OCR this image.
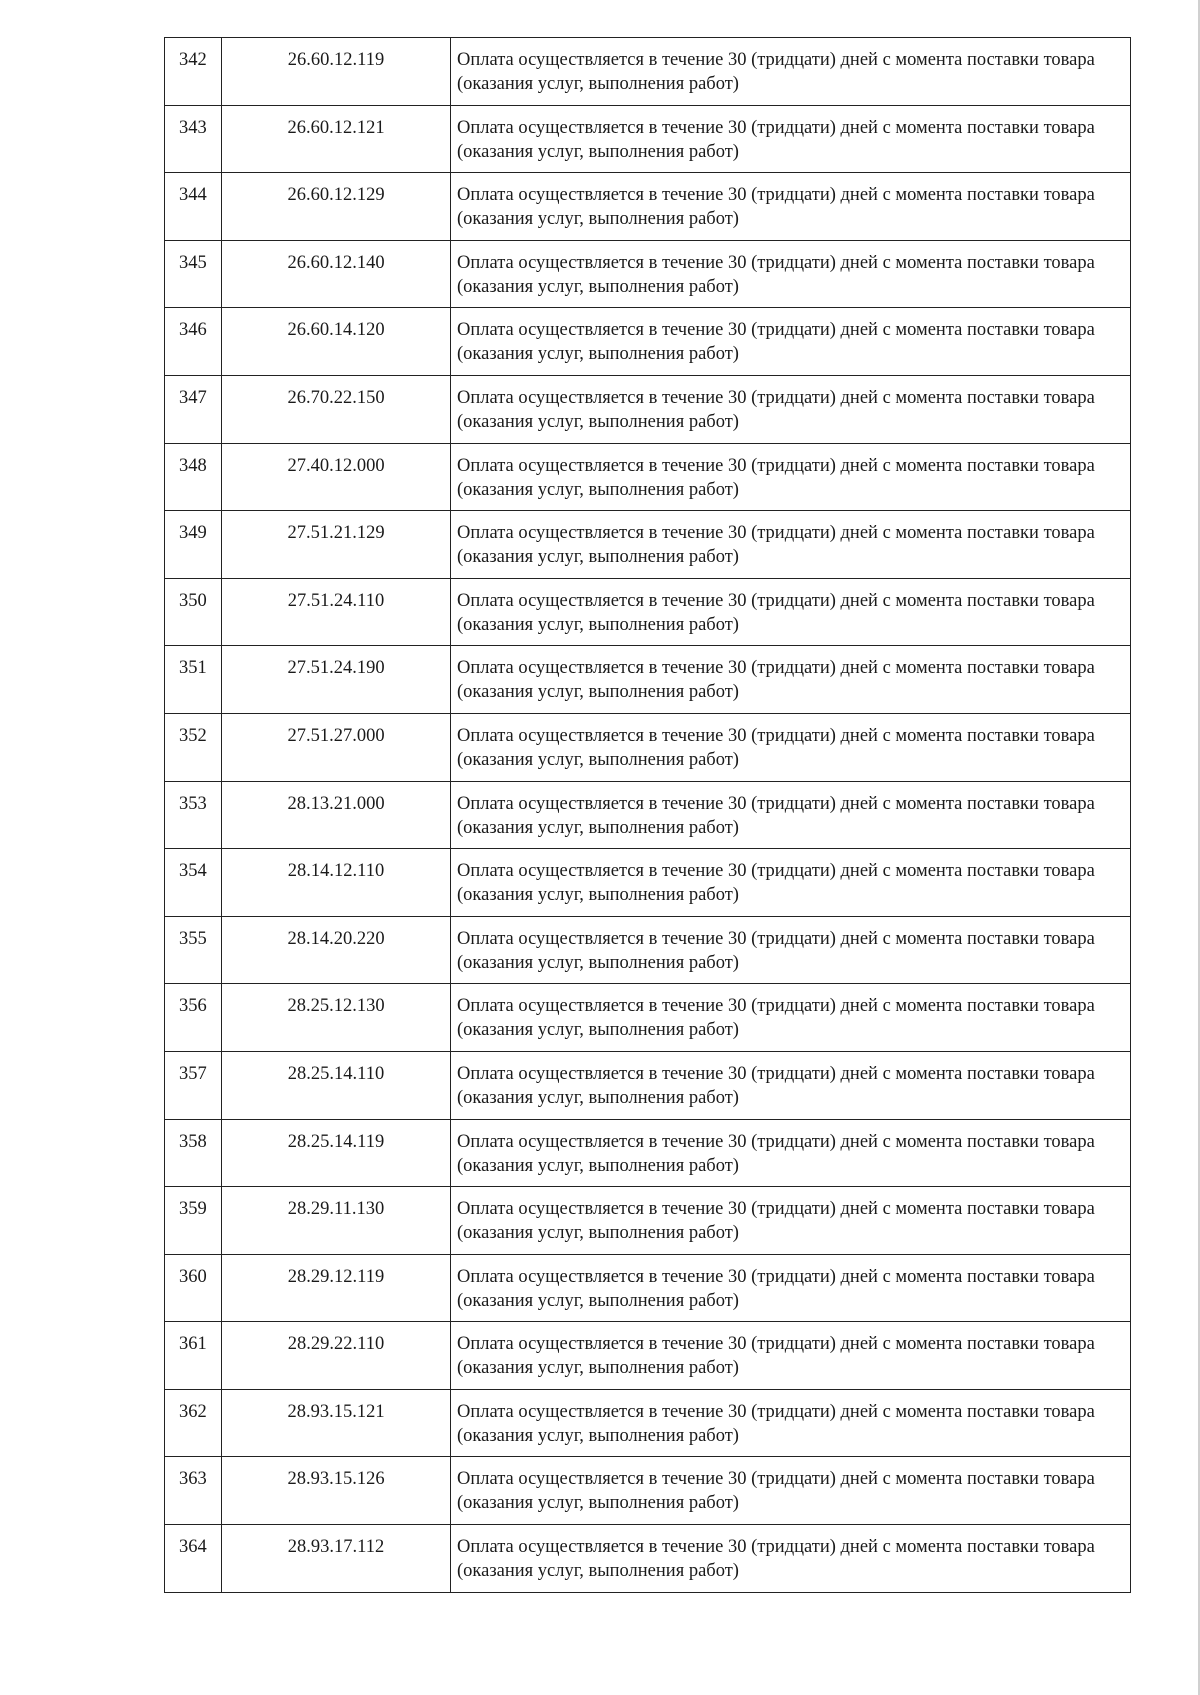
342	26.60.12.119	Оплата осуществляется в течение 30 (тридцати) дней с момента поставки товара (оказания услуг, выполнения работ)
343	26.60.12.121	Оплата осуществляется в течение 30 (тридцати) дней с момента поставки товара (оказания услуг, выполнения работ)
344	26.60.12.129	Оплата осуществляется в течение 30 (тридцати) дней с момента поставки товара (оказания услуг, выполнения работ)
345	26.60.12.140	Оплата осуществляется в течение 30 (тридцати) дней с момента поставки товара (оказания услуг, выполнения работ)
346	26.60.14.120	Оплата осуществляется в течение 30 (тридцати) дней с момента поставки товара (оказания услуг, выполнения работ)
347	26.70.22.150	Оплата осуществляется в течение 30 (тридцати) дней с момента поставки товара (оказания услуг, выполнения работ)
348	27.40.12.000	Оплата осуществляется в течение 30 (тридцати) дней с момента поставки товара (оказания услуг, выполнения работ)
349	27.51.21.129	Оплата осуществляется в течение 30 (тридцати) дней с момента поставки товара (оказания услуг, выполнения работ)
350	27.51.24.110	Оплата осуществляется в течение 30 (тридцати) дней с момента поставки товара (оказания услуг, выполнения работ)
351	27.51.24.190	Оплата осуществляется в течение 30 (тридцати) дней с момента поставки товара (оказания услуг, выполнения работ)
352	27.51.27.000	Оплата осуществляется в течение 30 (тридцати) дней с момента поставки товара (оказания услуг, выполнения работ)
353	28.13.21.000	Оплата осуществляется в течение 30 (тридцати) дней с момента поставки товара (оказания услуг, выполнения работ)
354	28.14.12.110	Оплата осуществляется в течение 30 (тридцати) дней с момента поставки товара (оказания услуг, выполнения работ)
355	28.14.20.220	Оплата осуществляется в течение 30 (тридцати) дней с момента поставки товара (оказания услуг, выполнения работ)
356	28.25.12.130	Оплата осуществляется в течение 30 (тридцати) дней с момента поставки товара (оказания услуг, выполнения работ)
357	28.25.14.110	Оплата осуществляется в течение 30 (тридцати) дней с момента поставки товара (оказания услуг, выполнения работ)
358	28.25.14.119	Оплата осуществляется в течение 30 (тридцати) дней с момента поставки товара (оказания услуг, выполнения работ)
359	28.29.11.130	Оплата осуществляется в течение 30 (тридцати) дней с момента поставки товара (оказания услуг, выполнения работ)
360	28.29.12.119	Оплата осуществляется в течение 30 (тридцати) дней с момента поставки товара (оказания услуг, выполнения работ)
361	28.29.22.110	Оплата осуществляется в течение 30 (тридцати) дней с момента поставки товара (оказания услуг, выполнения работ)
362	28.93.15.121	Оплата осуществляется в течение 30 (тридцати) дней с момента поставки товара (оказания услуг, выполнения работ)
363	28.93.15.126	Оплата осуществляется в течение 30 (тридцати) дней с момента поставки товара (оказания услуг, выполнения работ)
364	28.93.17.112	Оплата осуществляется в течение 30 (тридцати) дней с момента поставки товара (оказания услуг, выполнения работ)
